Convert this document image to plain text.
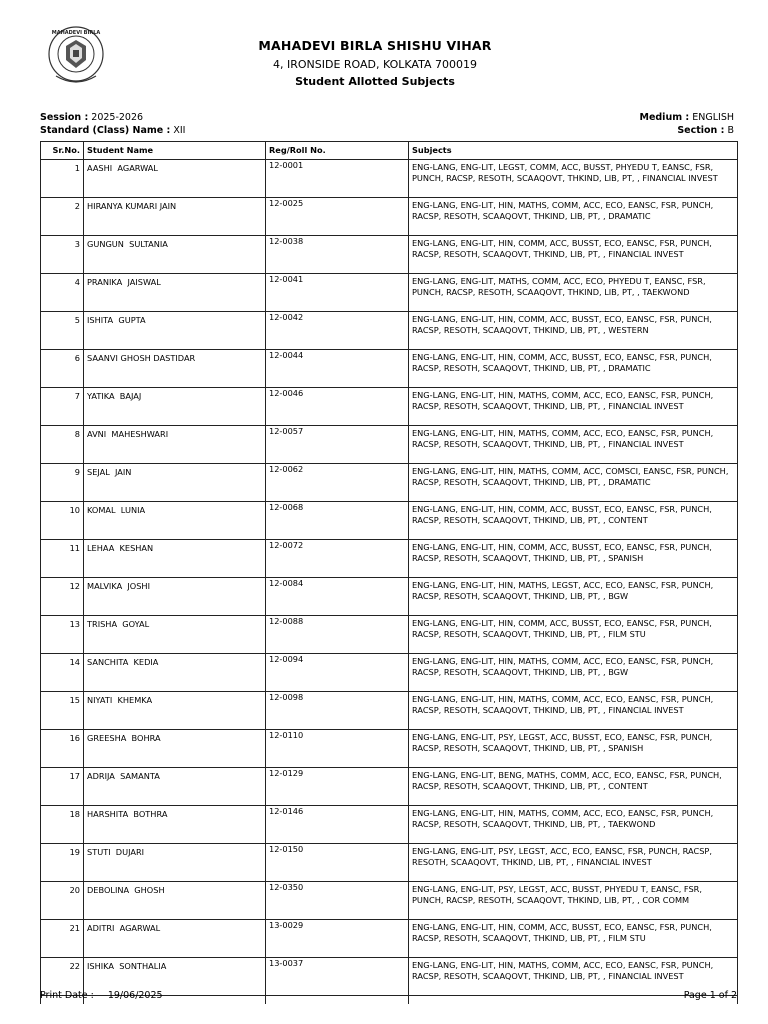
MAHADEVI BIRLA
MAHADEVI BIRLA SHISHU VIHAR
4, IRONSIDE ROAD, KOLKATA 700019
Student Allotted Subjects
Session : 2025-2026
Standard (Class) Name : XII
Medium : ENGLISH
Section : B
Sr.No.	Student Name	Reg/Roll No.	Subjects
1	AASHI  AGARWAL	12-0001	ENG-LANG, ENG-LIT, LEGST, COMM, ACC, BUSST, PHYEDU T, EANSC, FSR, PUNCH, RACSP, RESOTH, SCAAQOVT, THKIND, LIB, PT, , FINANCIAL INVEST
2	HIRANYA KUMARI JAIN	12-0025	ENG-LANG, ENG-LIT, HIN, MATHS, COMM, ACC, ECO, EANSC, FSR, PUNCH, RACSP, RESOTH, SCAAQOVT, THKIND, LIB, PT, , DRAMATIC
3	GUNGUN  SULTANIA	12-0038	ENG-LANG, ENG-LIT, HIN, COMM, ACC, BUSST, ECO, EANSC, FSR, PUNCH, RACSP, RESOTH, SCAAQOVT, THKIND, LIB, PT, , FINANCIAL INVEST
4	PRANIKA  JAISWAL	12-0041	ENG-LANG, ENG-LIT, MATHS, COMM, ACC, ECO, PHYEDU T, EANSC, FSR, PUNCH, RACSP, RESOTH, SCAAQOVT, THKIND, LIB, PT, , TAEKWOND
5	ISHITA  GUPTA	12-0042	ENG-LANG, ENG-LIT, HIN, COMM, ACC, BUSST, ECO, EANSC, FSR, PUNCH, RACSP, RESOTH, SCAAQOVT, THKIND, LIB, PT, , WESTERN
6	SAANVI GHOSH DASTIDAR	12-0044	ENG-LANG, ENG-LIT, HIN, COMM, ACC, BUSST, ECO, EANSC, FSR, PUNCH, RACSP, RESOTH, SCAAQOVT, THKIND, LIB, PT, , DRAMATIC
7	YATIKA  BAJAJ	12-0046	ENG-LANG, ENG-LIT, HIN, MATHS, COMM, ACC, ECO, EANSC, FSR, PUNCH, RACSP, RESOTH, SCAAQOVT, THKIND, LIB, PT, , FINANCIAL INVEST
8	AVNI  MAHESHWARI	12-0057	ENG-LANG, ENG-LIT, HIN, MATHS, COMM, ACC, ECO, EANSC, FSR, PUNCH, RACSP, RESOTH, SCAAQOVT, THKIND, LIB, PT, , FINANCIAL INVEST
9	SEJAL  JAIN	12-0062	ENG-LANG, ENG-LIT, HIN, MATHS, COMM, ACC, COMSCI, EANSC, FSR, PUNCH, RACSP, RESOTH, SCAAQOVT, THKIND, LIB, PT, , DRAMATIC
10	KOMAL  LUNIA	12-0068	ENG-LANG, ENG-LIT, HIN, COMM, ACC, BUSST, ECO, EANSC, FSR, PUNCH, RACSP, RESOTH, SCAAQOVT, THKIND, LIB, PT, , CONTENT
11	LEHAA  KESHAN	12-0072	ENG-LANG, ENG-LIT, HIN, COMM, ACC, BUSST, ECO, EANSC, FSR, PUNCH, RACSP, RESOTH, SCAAQOVT, THKIND, LIB, PT, , SPANISH
12	MALVIKA  JOSHI	12-0084	ENG-LANG, ENG-LIT, HIN, MATHS, LEGST, ACC, ECO, EANSC, FSR, PUNCH, RACSP, RESOTH, SCAAQOVT, THKIND, LIB, PT, , BGW
13	TRISHA  GOYAL	12-0088	ENG-LANG, ENG-LIT, HIN, COMM, ACC, BUSST, ECO, EANSC, FSR, PUNCH, RACSP, RESOTH, SCAAQOVT, THKIND, LIB, PT, , FILM STU
14	SANCHITA  KEDIA	12-0094	ENG-LANG, ENG-LIT, HIN, MATHS, COMM, ACC, ECO, EANSC, FSR, PUNCH, RACSP, RESOTH, SCAAQOVT, THKIND, LIB, PT, , BGW
15	NIYATI  KHEMKA	12-0098	ENG-LANG, ENG-LIT, HIN, MATHS, COMM, ACC, ECO, EANSC, FSR, PUNCH, RACSP, RESOTH, SCAAQOVT, THKIND, LIB, PT, , FINANCIAL INVEST
16	GREESHA  BOHRA	12-0110	ENG-LANG, ENG-LIT, PSY, LEGST, ACC, BUSST, ECO, EANSC, FSR, PUNCH, RACSP, RESOTH, SCAAQOVT, THKIND, LIB, PT, , SPANISH
17	ADRIJA  SAMANTA	12-0129	ENG-LANG, ENG-LIT, BENG, MATHS, COMM, ACC, ECO, EANSC, FSR, PUNCH, RACSP, RESOTH, SCAAQOVT, THKIND, LIB, PT, , CONTENT
18	HARSHITA  BOTHRA	12-0146	ENG-LANG, ENG-LIT, HIN, MATHS, COMM, ACC, ECO, EANSC, FSR, PUNCH, RACSP, RESOTH, SCAAQOVT, THKIND, LIB, PT, , TAEKWOND
19	STUTI  DUJARI	12-0150	ENG-LANG, ENG-LIT, PSY, LEGST, ACC, ECO, EANSC, FSR, PUNCH, RACSP, RESOTH, SCAAQOVT, THKIND, LIB, PT, , FINANCIAL INVEST
20	DEBOLINA  GHOSH	12-0350	ENG-LANG, ENG-LIT, PSY, LEGST, ACC, BUSST, PHYEDU T, EANSC, FSR, PUNCH, RACSP, RESOTH, SCAAQOVT, THKIND, LIB, PT, , COR COMM
21	ADITRI  AGARWAL	13-0029	ENG-LANG, ENG-LIT, HIN, COMM, ACC, BUSST, ECO, EANSC, FSR, PUNCH, RACSP, RESOTH, SCAAQOVT, THKIND, LIB, PT, , FILM STU
22	ISHIKA  SONTHALIA	13-0037	ENG-LANG, ENG-LIT, HIN, MATHS, COMM, ACC, ECO, EANSC, FSR, PUNCH, RACSP, RESOTH, SCAAQOVT, THKIND, LIB, PT, , FINANCIAL INVEST

Print Date : 19/06/2025	Page 1 of 2
